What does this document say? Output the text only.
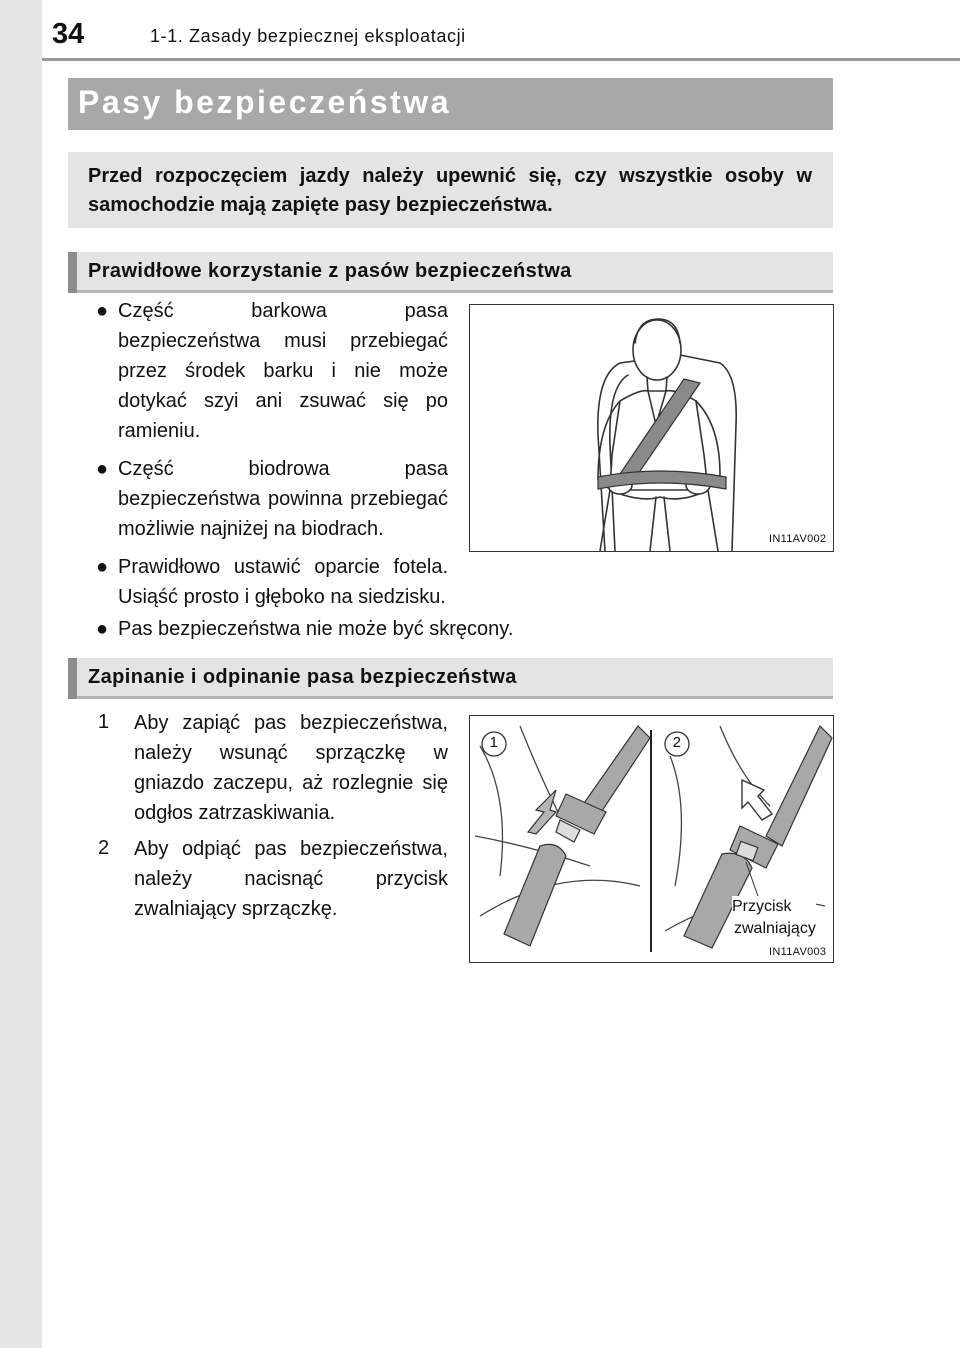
34	1-1. Zasady bezpiecznej eksploatacji
Pasy bezpieczeństwa
Przed rozpoczęciem jazdy należy upewnić się, czy wszystkie osoby w samochodzie mają zapięte pasy bezpieczeństwa.
Prawidłowe korzystanie z pasów bezpieczeństwa
● Część barkowa pasa bezpieczeństwa musi przebiegać przez środek barku i nie może dotykać szyi ani zsuwać się po ramieniu.
● Część biodrowa pasa bezpieczeństwa powinna przebiegać możliwie najniżej na biodrach.
● Prawidłowo ustawić oparcie fotela. Usiąść prosto i głęboko na siedzisku.
● Pas bezpieczeństwa nie może być skręcony.
IN11AV002
Zapinanie i odpinanie pasa bezpieczeństwa
1	Aby zapiąć pas bezpieczeństwa, należy wsunąć sprzączkę w gniazdo zaczepu, aż rozlegnie się odgłos zatrzaskiwania.
2	Aby odpiąć pas bezpieczeństwa, należy nacisnąć przycisk zwalniający sprzączkę.
1	2
Przycisk
zwalniający
IN11AV003
